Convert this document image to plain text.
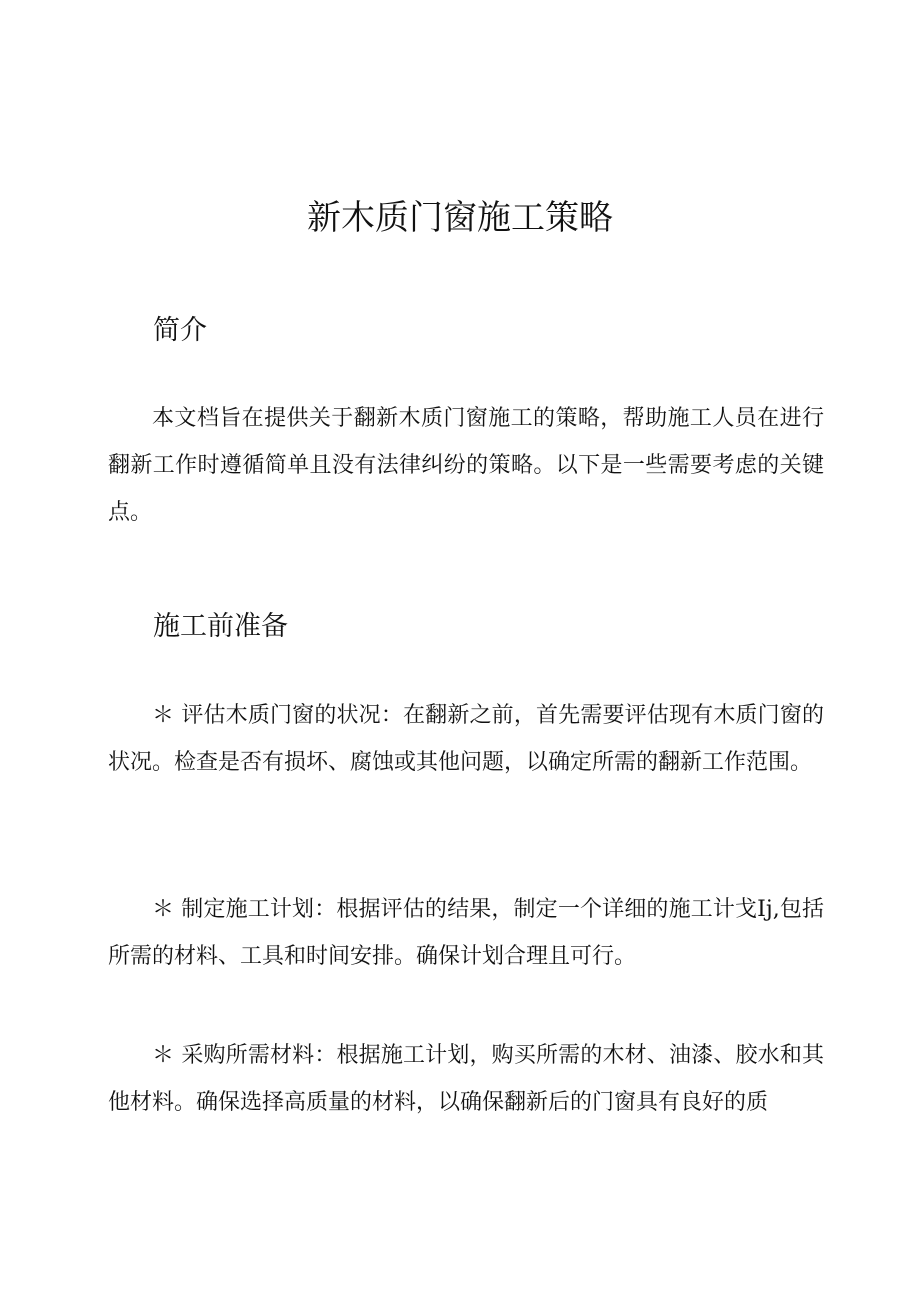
新木质门窗施工策略
简介

本文档旨在提供关于翻新木质门窗施工的策略，帮助施工人员在进行翻新工作时遵循简单且没有法律纠纷的策略。以下是一些需要考虑的关键点。

施工前准备

＊ 评估木质门窗的状况：在翻新之前，首先需要评估现有木质门窗的状况。检查是否有损坏、腐蚀或其他问题，以确定所需的翻新工作范围。

＊ 制定施工计划：根据评估的结果，制定一个详细的施工计戈Ij,包括所需的材料、工具和时间安排。确保计划合理且可行。

＊ 采购所需材料：根据施工计划，购买所需的木材、油漆、胶水和其他材料。确保选择高质量的材料，以确保翻新后的门窗具有良好的质
